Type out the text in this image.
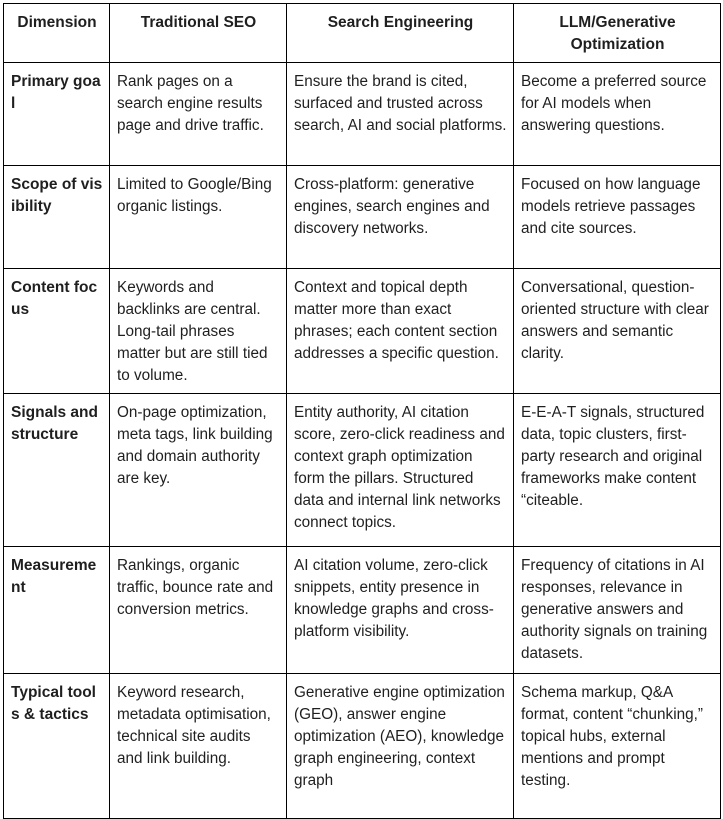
Dimension	Traditional SEO	Search Engineering	LLM/Generative Optimization
Primary goal	Rank pages on a search engine results page and drive traffic.	Ensure the brand is cited, surfaced and trusted across search, AI and social platforms.	Become a preferred source for AI models when answering questions.
Scope of visibility	Limited to Google/Bing organic listings.	Cross-platform: generative engines, search engines and discovery networks.	Focused on how language models retrieve passages and cite sources.
Content focus	Keywords and backlinks are central. Long-tail phrases matter but are still tied to volume.	Context and topical depth matter more than exact phrases; each content section addresses a specific question.	Conversational, question-oriented structure with clear answers and semantic clarity.
Signals and structure	On-page optimization, meta tags, link building and domain authority are key.	Entity authority, AI citation score, zero-click readiness and context graph optimization form the pillars. Structured data and internal link networks connect topics.	E-E-A-T signals, structured data, topic clusters, first-party research and original frameworks make content “citeable.
Measurement	Rankings, organic traffic, bounce rate and conversion metrics.	AI citation volume, zero-click snippets, entity presence in knowledge graphs and cross-platform visibility.	Frequency of citations in AI responses, relevance in generative answers and authority signals on training datasets.
Typical tools & tactics	Keyword research, metadata optimisation, technical site audits and link building.	Generative engine optimization (GEO), answer engine optimization (AEO), knowledge graph engineering, context graph	Schema markup, Q&A format, content “chunking,” topical hubs, external mentions and prompt testing.
